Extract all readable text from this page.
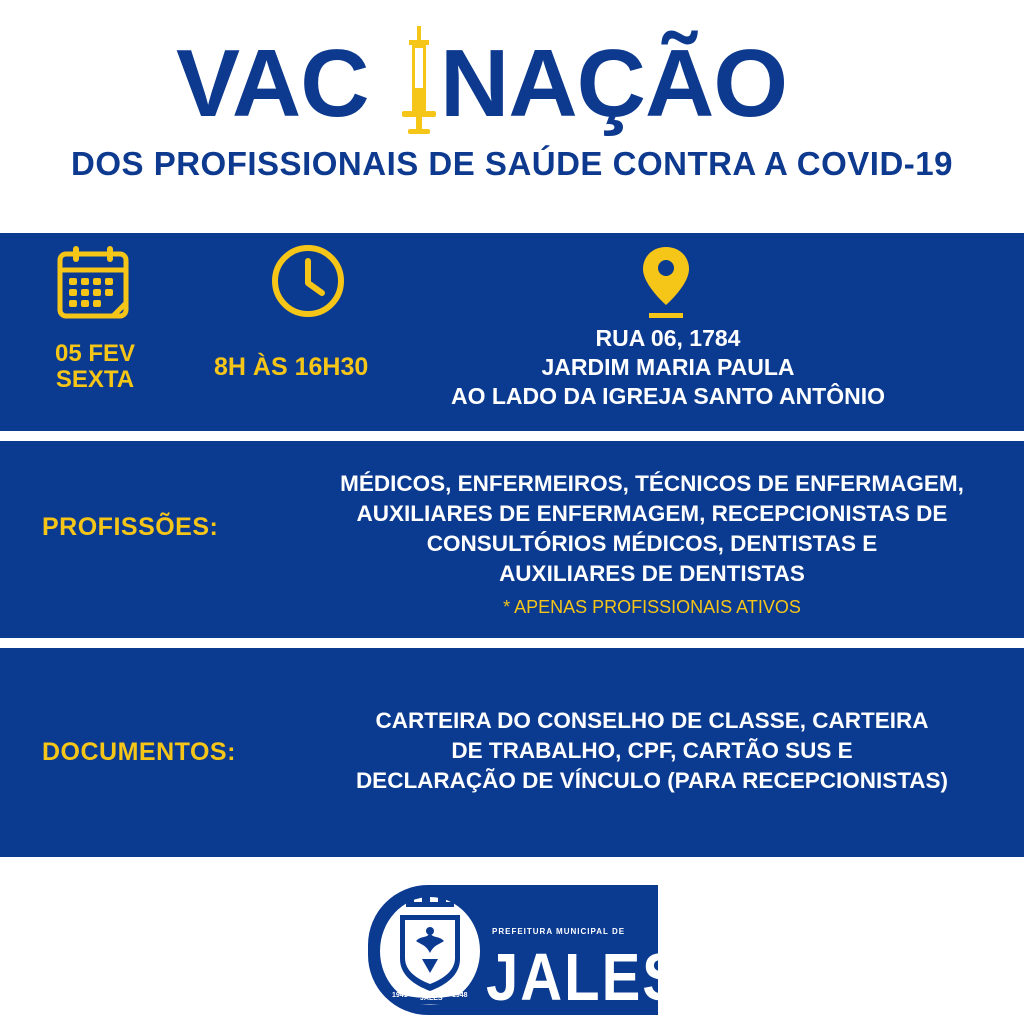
VAC NAÇÃO
DOS PROFISSIONAIS DE SAÚDE CONTRA A COVID-19
05 FEV
SEXTA	8H ÀS 16H30
RUA 06, 1784
JARDIM MARIA PAULA
AO LADO DA IGREJA SANTO ANTÔNIO
PROFISSÕES:
MÉDICOS, ENFERMEIROS, TÉCNICOS DE ENFERMAGEM,
AUXILIARES DE ENFERMAGEM, RECEPCIONISTAS DE
CONSULTÓRIOS MÉDICOS, DENTISTAS E
AUXILIARES DE DENTISTAS
* APENAS PROFISSIONAIS ATIVOS
DOCUMENTOS:
CARTEIRA DO CONSELHO DE CLASSE, CARTEIRA
DE TRABALHO, CPF, CARTÃO SUS E
DECLARAÇÃO DE VÍNCULO (PARA RECEPCIONISTAS)
1941 JALES 1948
PREFEITURA MUNICIPAL DE
JALES
